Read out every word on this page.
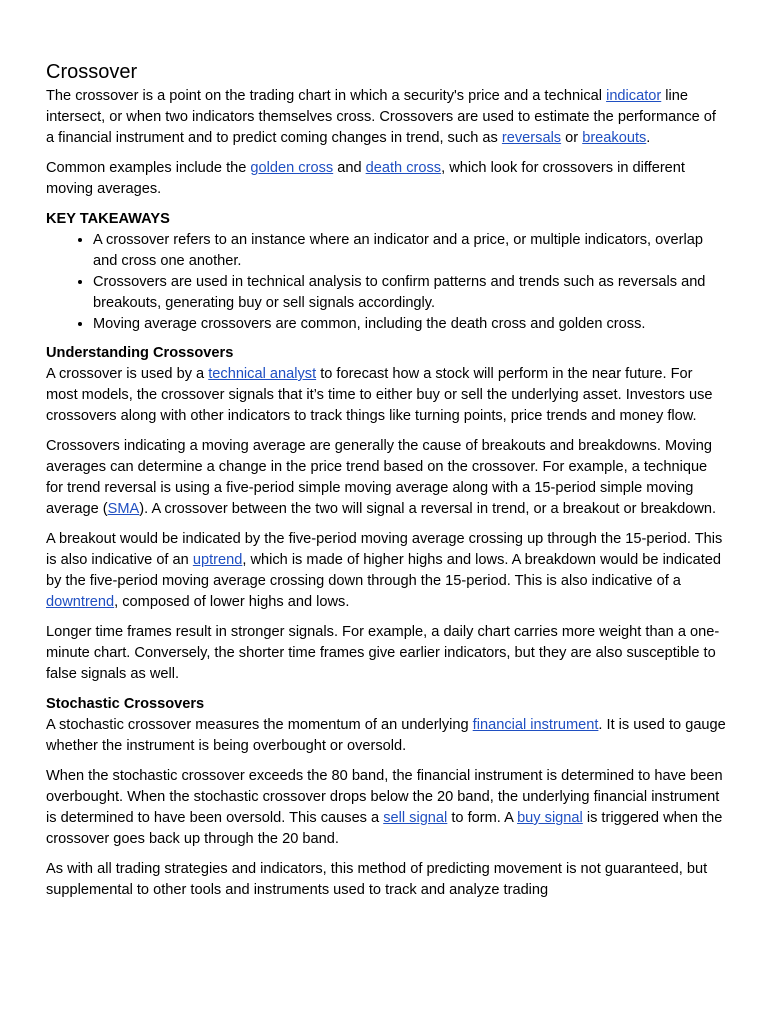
Crossover

The crossover is a point on the trading chart in which a security's price and a technical indicator line intersect, or when two indicators themselves cross. Crossovers are used to estimate the performance of a financial instrument and to predict coming changes in trend, such as reversals or breakouts.

Common examples include the golden cross and death cross, which look for crossovers in different moving averages.

KEY TAKEAWAYS
• A crossover refers to an instance where an indicator and a price, or multiple indicators, overlap and cross one another.
• Crossovers are used in technical analysis to confirm patterns and trends such as reversals and breakouts, generating buy or sell signals accordingly.
• Moving average crossovers are common, including the death cross and golden cross.
Understanding Crossovers

A crossover is used by a technical analyst to forecast how a stock will perform in the near future. For most models, the crossover signals that it’s time to either buy or sell the underlying asset. Investors use crossovers along with other indicators to track things like turning points, price trends and money flow.

Crossovers indicating a moving average are generally the cause of breakouts and breakdowns. Moving averages can determine a change in the price trend based on the crossover. For example, a technique for trend reversal is using a five-period simple moving average along with a 15-period simple moving average (SMA). A crossover between the two will signal a reversal in trend, or a breakout or breakdown.

A breakout would be indicated by the five-period moving average crossing up through the 15-period. This is also indicative of an uptrend, which is made of higher highs and lows. A breakdown would be indicated by the five-period moving average crossing down through the 15-period. This is also indicative of a downtrend, composed of lower highs and lows.

Longer time frames result in stronger signals. For example, a daily chart carries more weight than a one-minute chart. Conversely, the shorter time frames give earlier indicators, but they are also susceptible to false signals as well.

Stochastic Crossovers

A stochastic crossover measures the momentum of an underlying financial instrument. It is used to gauge whether the instrument is being overbought or oversold.

When the stochastic crossover exceeds the 80 band, the financial instrument is determined to have been overbought. When the stochastic crossover drops below the 20 band, the underlying financial instrument is determined to have been oversold. This causes a sell signal to form. A buy signal is triggered when the crossover goes back up through the 20 band.

As with all trading strategies and indicators, this method of predicting movement is not guaranteed, but supplemental to other tools and instruments used to track and analyze trading
